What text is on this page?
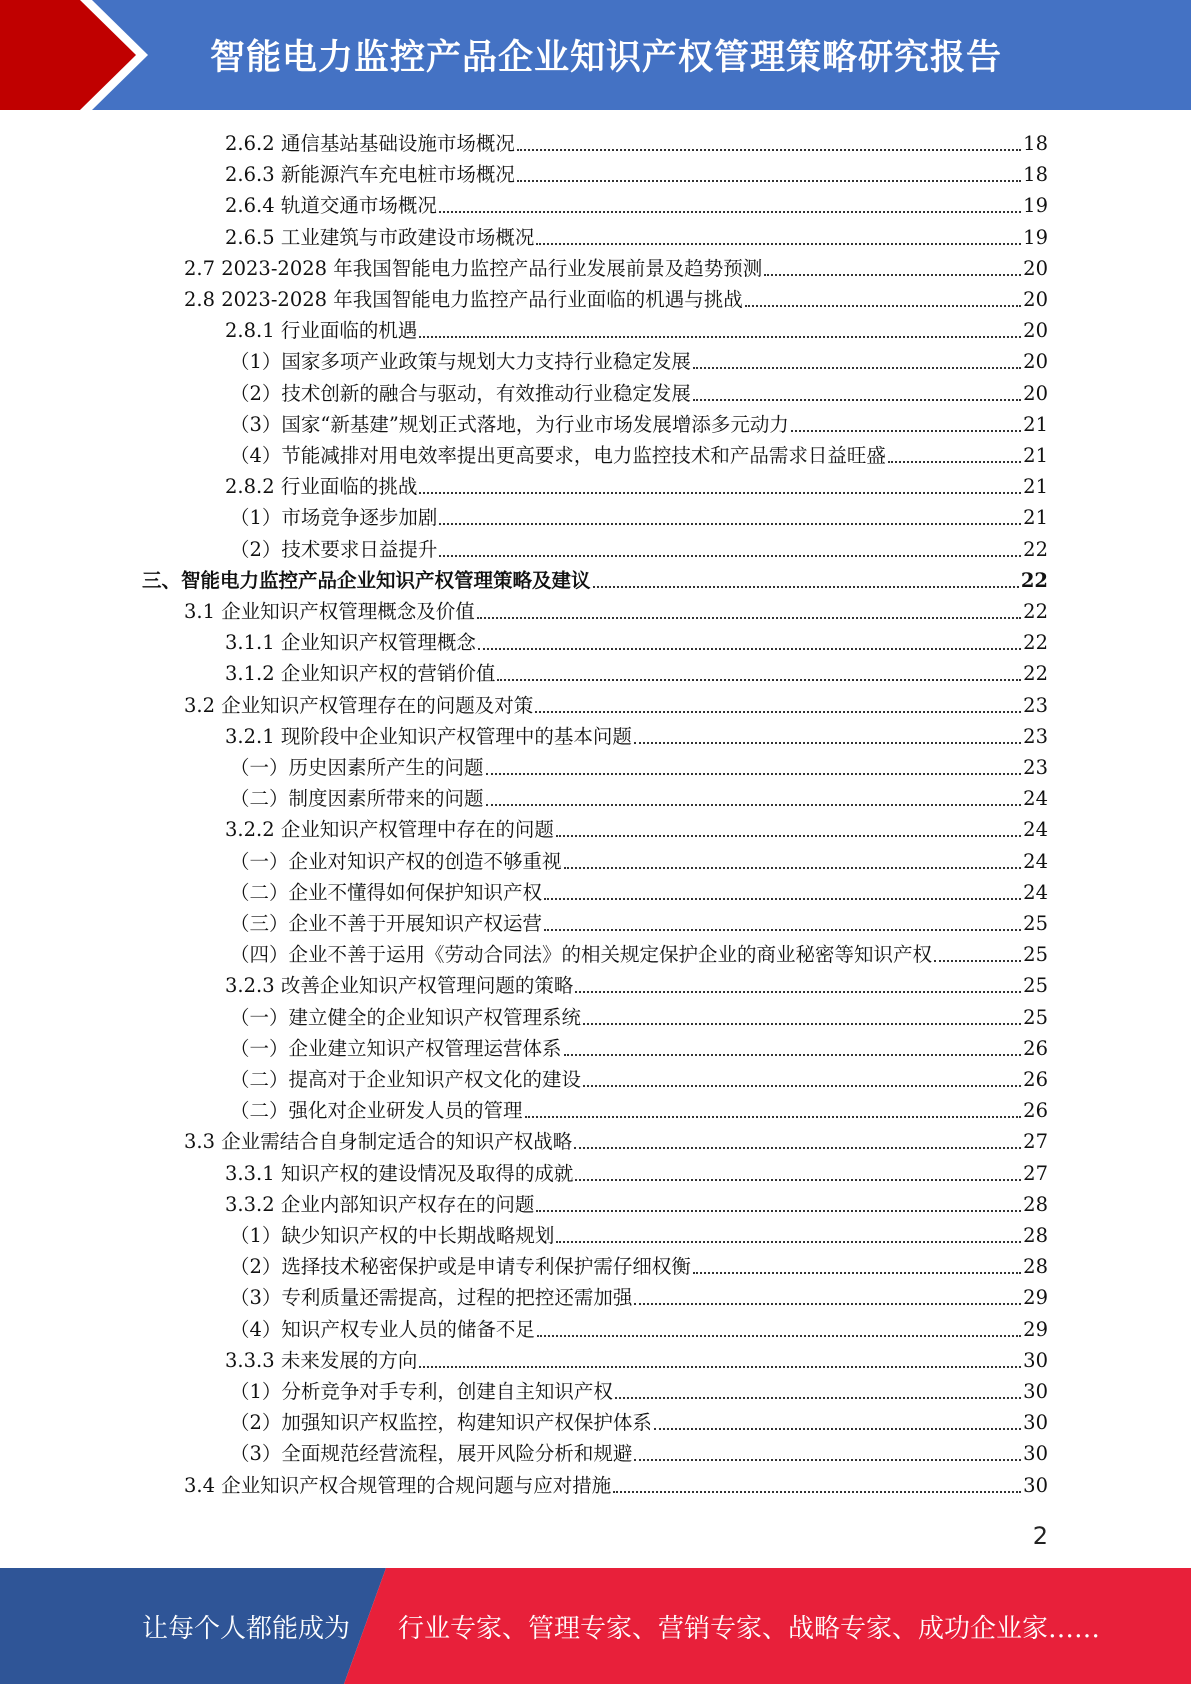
智能电力监控产品企业知识产权管理策略研究报告
2.6.2 通信基站基础设施市场概况	18
2.6.3 新能源汽车充电桩市场概况	18
2.6.4 轨道交通市场概况	19
2.6.5 工业建筑与市政建设市场概况	19
2.7 2023-2028 年我国智能电力监控产品行业发展前景及趋势预测	20
2.8 2023-2028 年我国智能电力监控产品行业面临的机遇与挑战	20
2.8.1 行业面临的机遇	20
（1）国家多项产业政策与规划大力支持行业稳定发展	20
（2）技术创新的融合与驱动，有效推动行业稳定发展	20
（3）国家“新基建”规划正式落地，为行业市场发展增添多元动力	21
（4）节能减排对用电效率提出更高要求，电力监控技术和产品需求日益旺盛	21
2.8.2 行业面临的挑战	21
（1）市场竞争逐步加剧	21
（2）技术要求日益提升	22
三、智能电力监控产品企业知识产权管理策略及建议	22
3.1 企业知识产权管理概念及价值	22
3.1.1 企业知识产权管理概念	22
3.1.2 企业知识产权的营销价值	22
3.2 企业知识产权管理存在的问题及对策	23
3.2.1 现阶段中企业知识产权管理中的基本问题	23
（一）历史因素所产生的问题	23
（二）制度因素所带来的问题	24
3.2.2 企业知识产权管理中存在的问题	24
（一）企业对知识产权的创造不够重视	24
（二）企业不懂得如何保护知识产权	24
（三）企业不善于开展知识产权运营	25
（四）企业不善于运用《劳动合同法》的相关规定保护企业的商业秘密等知识产权	25
3.2.3 改善企业知识产权管理问题的策略	25
（一）建立健全的企业知识产权管理系统	25
（一）企业建立知识产权管理运营体系	26
（二）提高对于企业知识产权文化的建设	26
（二）强化对企业研发人员的管理	26
3.3 企业需结合自身制定适合的知识产权战略	27
3.3.1 知识产权的建设情况及取得的成就	27
3.3.2 企业内部知识产权存在的问题	28
（1）缺少知识产权的中长期战略规划	28
（2）选择技术秘密保护或是申请专利保护需仔细权衡	28
（3）专利质量还需提高，过程的把控还需加强	29
（4）知识产权专业人员的储备不足	29
3.3.3 未来发展的方向	30
（1）分析竞争对手专利，创建自主知识产权	30
（2）加强知识产权监控，构建知识产权保护体系	30
（3）全面规范经营流程，展开风险分析和规避	30
3.4 企业知识产权合规管理的合规问题与应对措施	30
2
让每个人都能成为 行业专家、管理专家、营销专家、战略专家、成功企业家……
